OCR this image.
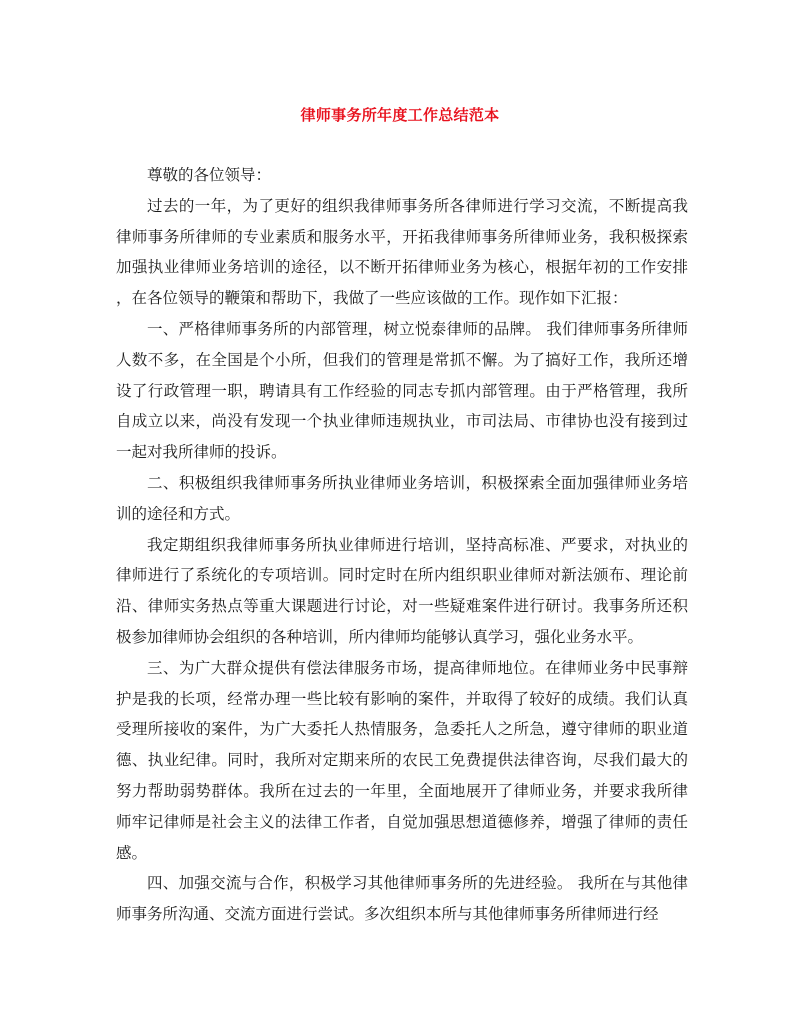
律师事务所年度工作总结范本

尊敬的各位领导：

过去的一年，为了更好的组织我律师事务所各律师进行学习交流，不断提高我律师事务所律师的专业素质和服务水平，开拓我律师事务所律师业务，我积极探索加强执业律师业务培训的途径，以不断开拓律师业务为核心，根据年初的工作安排，在各位领导的鞭策和帮助下，我做了一些应该做的工作。现作如下汇报：

一、严格律师事务所的内部管理，树立悦泰律师的品牌。 我们律师事务所律师人数不多，在全国是个小所，但我们的管理是常抓不懈。为了搞好工作，我所还增设了行政管理一职，聘请具有工作经验的同志专抓内部管理。由于严格管理，我所自成立以来，尚没有发现一个执业律师违规执业，市司法局、市律协也没有接到过一起对我所律师的投诉。

二、积极组织我律师事务所执业律师业务培训，积极探索全面加强律师业务培训的途径和方式。

我定期组织我律师事务所执业律师进行培训，坚持高标准、严要求，对执业的律师进行了系统化的专项培训。同时定时在所内组织职业律师对新法颁布、理论前沿、律师实务热点等重大课题进行讨论，对一些疑难案件进行研讨。我事务所还积极参加律师协会组织的各种培训，所内律师均能够认真学习，强化业务水平。

三、为广大群众提供有偿法律服务市场，提高律师地位。在律师业务中民事辩护是我的长项，经常办理一些比较有影响的案件，并取得了较好的成绩。我们认真受理所接收的案件，为广大委托人热情服务，急委托人之所急，遵守律师的职业道德、执业纪律。同时，我所对定期来所的农民工免费提供法律咨询，尽我们最大的努力帮助弱势群体。我所在过去的一年里，全面地展开了律师业务，并要求我所律师牢记律师是社会主义的法律工作者，自觉加强思想道德修养，增强了律师的责任感。

四、加强交流与合作，积极学习其他律师事务所的先进经验。 我所在与其他律师事务所沟通、交流方面进行尝试。多次组织本所与其他律师事务所律师进行经
